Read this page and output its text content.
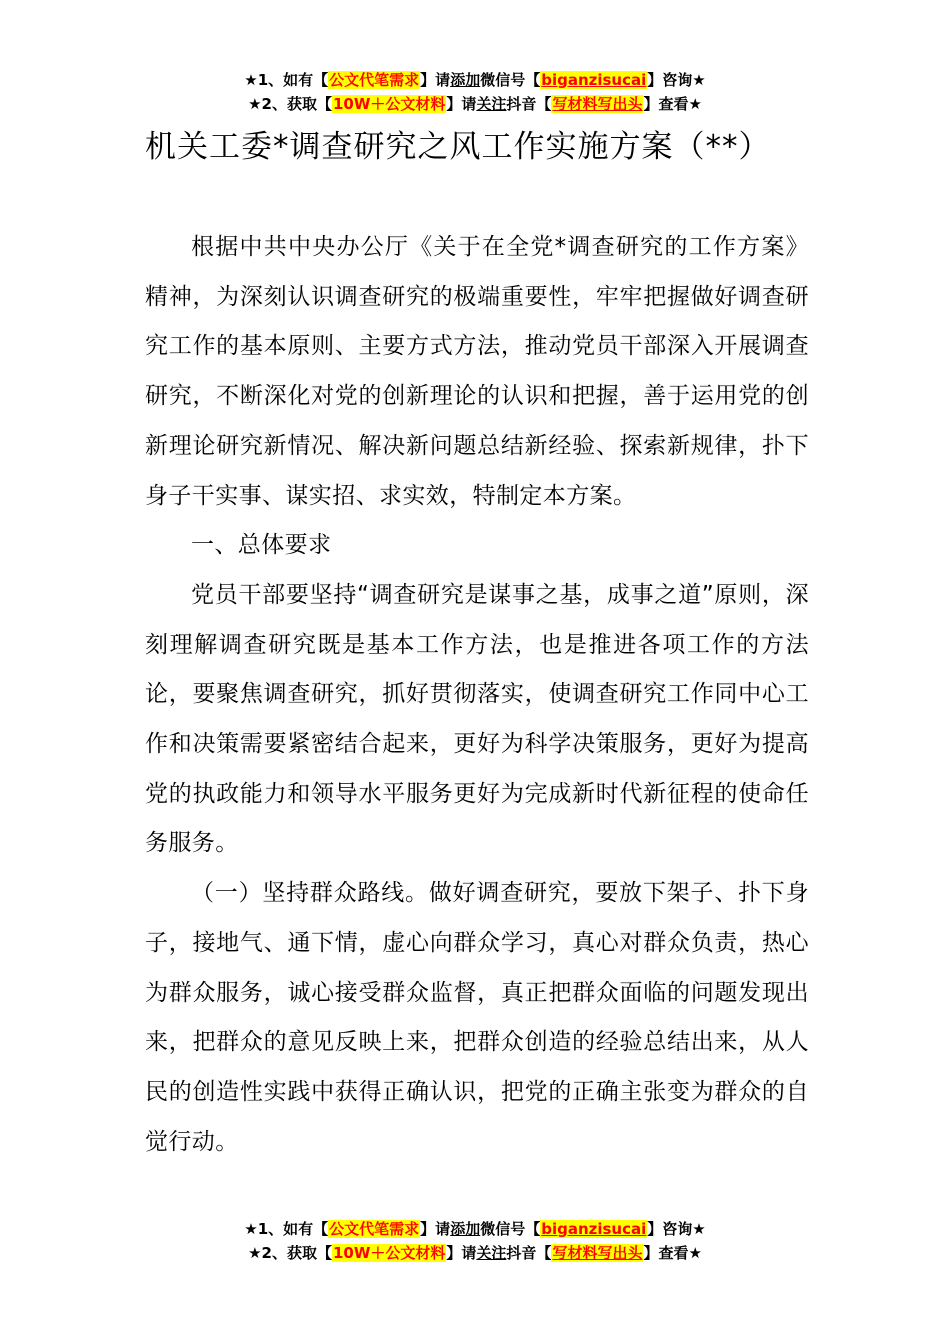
★1、如有【公文代笔需求】请添加微信号【biganzisucai】咨询★
★2、获取【10W＋公文材料】请关注抖音【写材料写出头】查看★
机关工委*调查研究之风工作实施方案（**）

根据中共中央办公厅《关于在全党*调查研究的工作方案》精神，为深刻认识调查研究的极端重要性，牢牢把握做好调查研究工作的基本原则、主要方式方法，推动党员干部深入开展调查研究，不断深化对党的创新理论的认识和把握，善于运用党的创新理论研究新情况、解决新问题总结新经验、探索新规律，扑下身子干实事、谋实招、求实效，特制定本方案。

一、总体要求

党员干部要坚持“调查研究是谋事之基，成事之道”原则，深刻理解调查研究既是基本工作方法，也是推进各项工作的方法论，要聚焦调查研究，抓好贯彻落实，使调查研究工作同中心工作和决策需要紧密结合起来，更好为科学决策服务，更好为提高党的执政能力和领导水平服务更好为完成新时代新征程的使命任务服务。

（一）坚持群众路线。做好调查研究，要放下架子、扑下身子，接地气、通下情，虚心向群众学习，真心对群众负责，热心为群众服务，诚心接受群众监督，真正把群众面临的问题发现出来，把群众的意见反映上来，把群众创造的经验总结出来，从人民的创造性实践中获得正确认识，把党的正确主张变为群众的自觉行动。

★1、如有【公文代笔需求】请添加微信号【biganzisucai】咨询★
★2、获取【10W＋公文材料】请关注抖音【写材料写出头】查看★
